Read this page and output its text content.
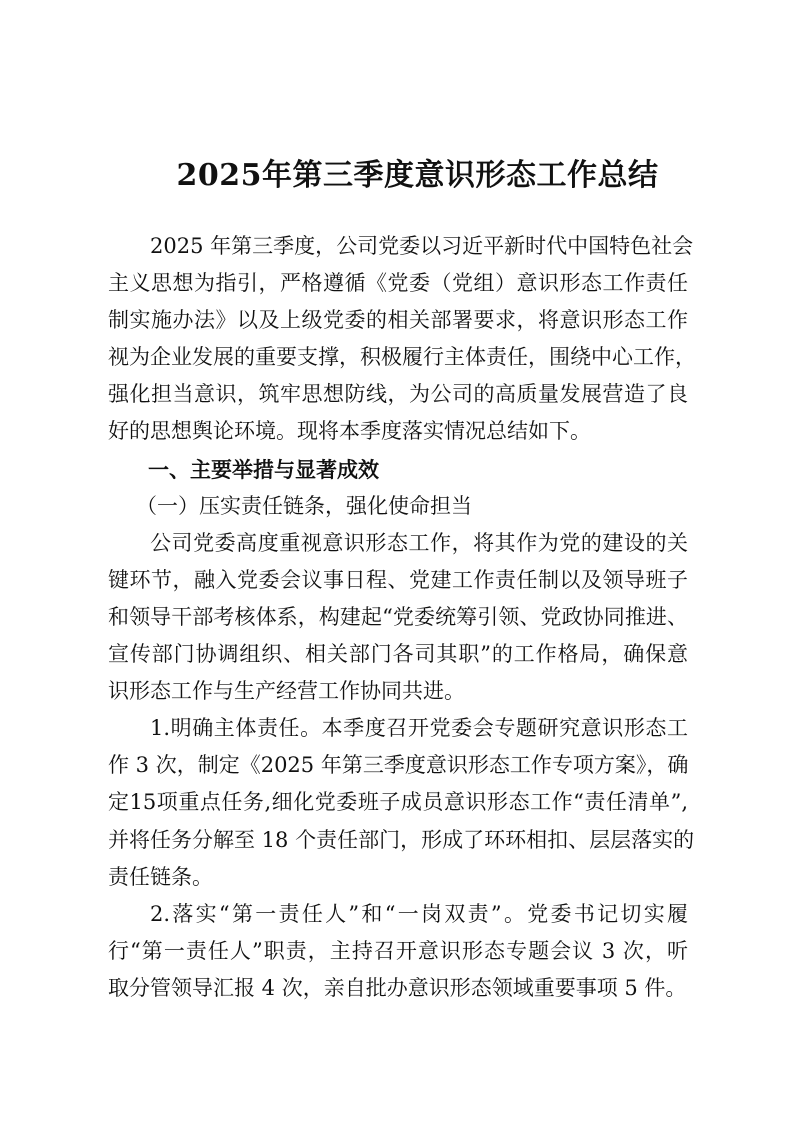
2025年第三季度意识形态工作总结
2025 年第三季度，公司党委以习近平新时代中国特色社会
主义思想为指引，严格遵循《党委（党组）意识形态工作责任
制实施办法》以及上级党委的相关部署要求，将意识形态工作
视为企业发展的重要支撑，积极履行主体责任，围绕中心工作，
强化担当意识，筑牢思想防线，为公司的高质量发展营造了良
好的思想舆论环境。现将本季度落实情况总结如下。
一、主要举措与显著成效
（一）压实责任链条，强化使命担当
公司党委高度重视意识形态工作，将其作为党的建设的关
键环节，融入党委会议事日程、党建工作责任制以及领导班子
和领导干部考核体系，构建起“党委统筹引领、党政协同推进、
宣传部门协调组织、相关部门各司其职”的工作格局，确保意
识形态工作与生产经营工作协同共进。
1.明确主体责任。本季度召开党委会专题研究意识形态工
作 3 次，制定《2025 年第三季度意识形态工作专项方案》，确
定15项重点任务,细化党委班子成员意识形态工作“责任清单”,
并将任务分解至 18 个责任部门，形成了环环相扣、层层落实的
责任链条。
2.落实“第一责任人”和“一岗双责”。党委书记切实履
行“第一责任人”职责，主持召开意识形态专题会议 3 次，听
取分管领导汇报 4 次，亲自批办意识形态领域重要事项 5 件。
